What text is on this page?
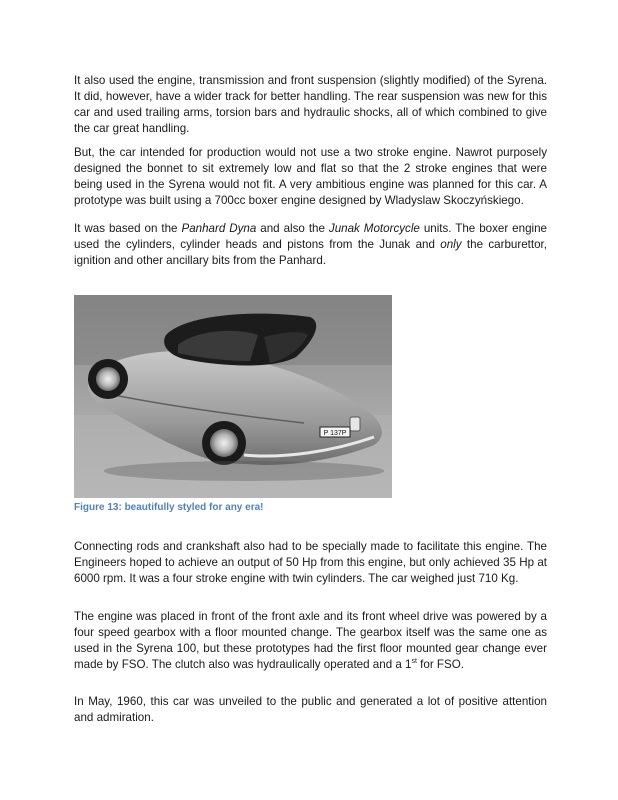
It also used the engine, transmission and front suspension (slightly modified) of the Syrena. It did, however, have a wider track for better handling. The rear suspension was new for this car and used trailing arms, torsion bars and hydraulic shocks, all of which combined to give the car great handling.

But, the car intended for production would not use a two stroke engine. Nawrot purposely designed the bonnet to sit extremely low and flat so that the 2 stroke engines that were being used in the Syrena would not fit. A very ambitious engine was planned for this car. A prototype was built using a 700cc boxer engine designed by Wladyslaw Skoczyńskiego.

It was based on the Panhard Dyna and also the Junak Motorcycle units. The boxer engine used the cylinders, cylinder heads and pistons from the Junak and only the carburettor, ignition and other ancillary bits from the Panhard.

P 137P

Figure 13: beautifully styled for any era!

Connecting rods and crankshaft also had to be specially made to facilitate this engine. The Engineers hoped to achieve an output of 50 Hp from this engine, but only achieved 35 Hp at 6000 rpm. It was a four stroke engine with twin cylinders. The car weighed just 710 Kg.

The engine was placed in front of the front axle and its front wheel drive was powered by a four speed gearbox with a floor mounted change. The gearbox itself was the same one as used in the Syrena 100, but these prototypes had the first floor mounted gear change ever made by FSO. The clutch also was hydraulically operated and a 1st for FSO.

In May, 1960, this car was unveiled to the public and generated a lot of positive attention and admiration.
